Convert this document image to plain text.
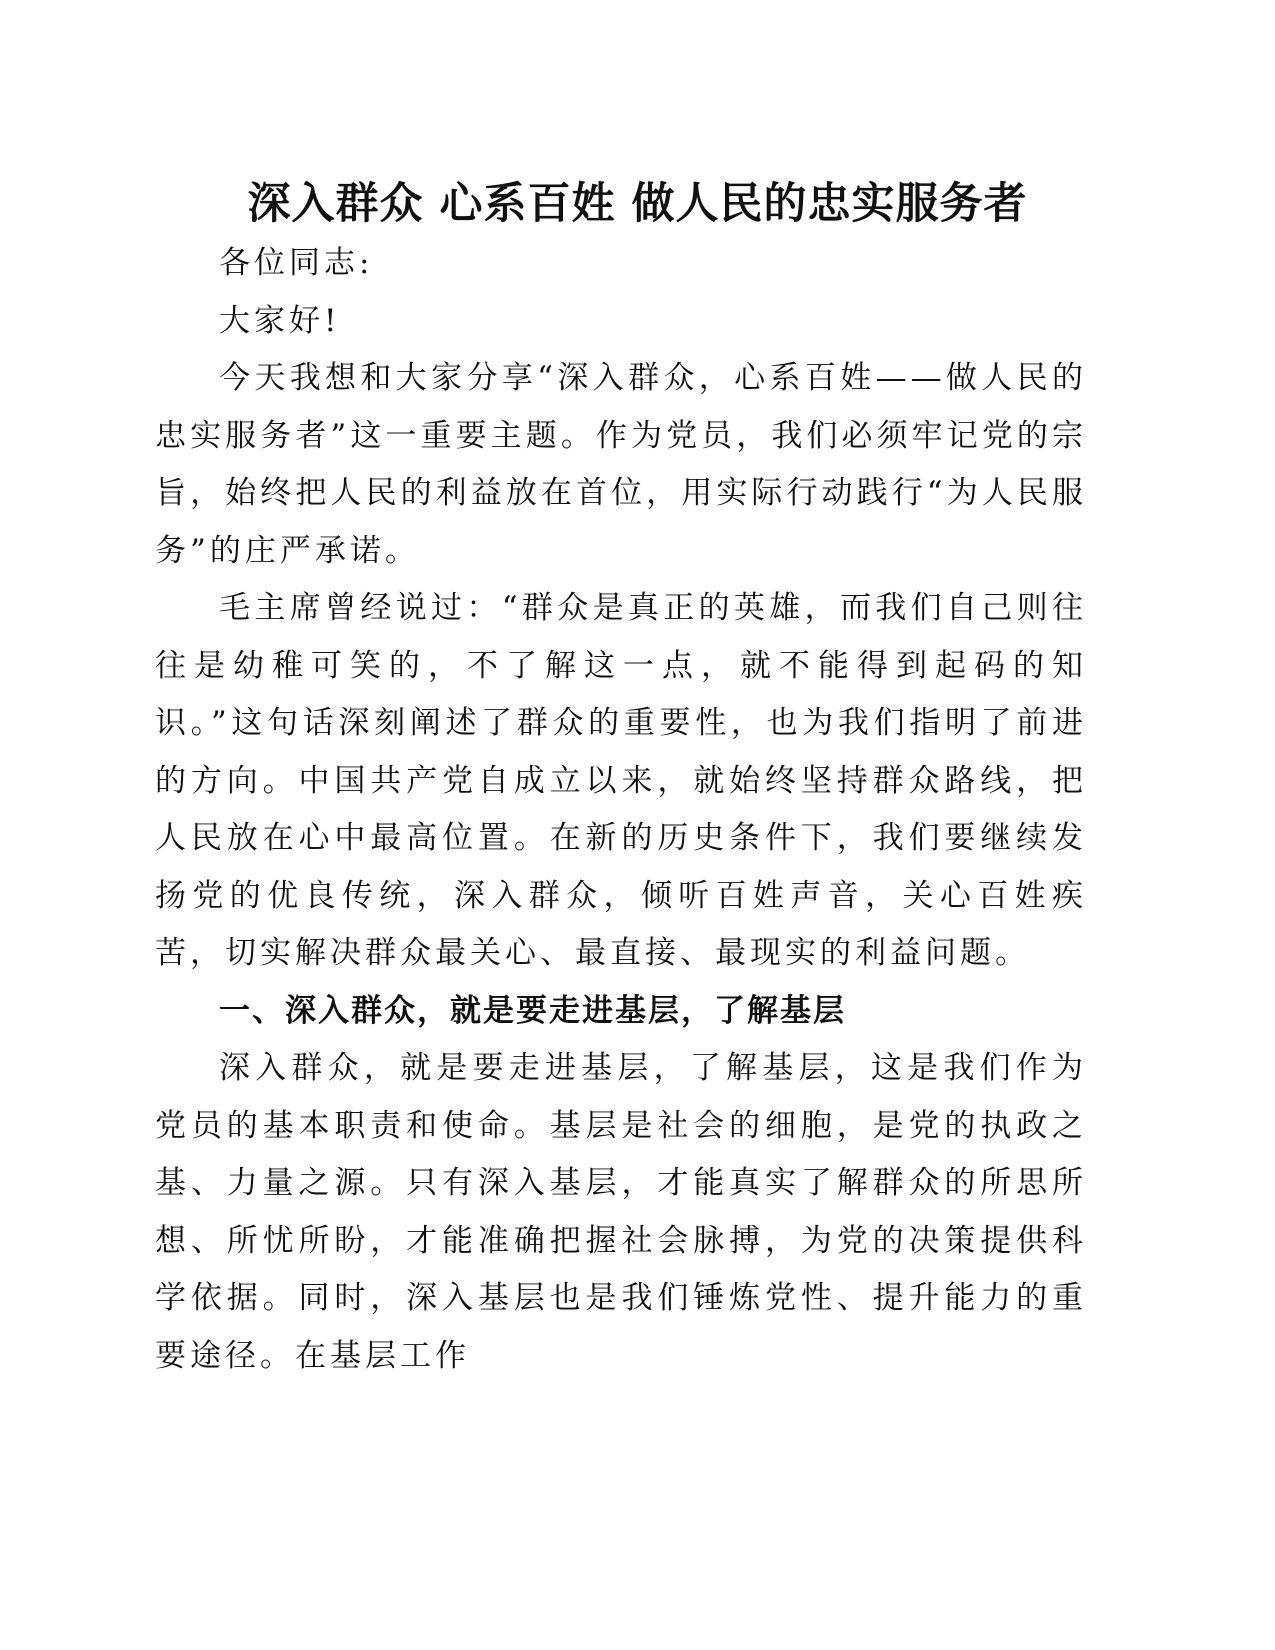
深入群众 心系百姓 做人民的忠实服务者

各位同志:

大家好!

今天我想和大家分享“深入群众，心系百姓——做人民的忠实服务者”这一重要主题。作为党员，我们必须牢记党的宗旨，始终把人民的利益放在首位，用实际行动践行“为人民服务”的庄严承诺。

毛主席曾经说过：“群众是真正的英雄，而我们自己则往往是幼稚可笑的，不了解这一点，就不能得到起码的知识。”这句话深刻阐述了群众的重要性，也为我们指明了前进的方向。中国共产党自成立以来，就始终坚持群众路线，把人民放在心中最高位置。在新的历史条件下，我们要继续发扬党的优良传统，深入群众，倾听百姓声音，关心百姓疾苦，切实解决群众最关心、最直接、最现实的利益问题。

一、深入群众，就是要走进基层，了解基层

深入群众，就是要走进基层，了解基层，这是我们作为党员的基本职责和使命。基层是社会的细胞，是党的执政之基、力量之源。只有深入基层，才能真实了解群众的所思所想、所忧所盼，才能准确把握社会脉搏，为党的决策提供科学依据。同时，深入基层也是我们锤炼党性、提升能力的重要途径。在基层工作
